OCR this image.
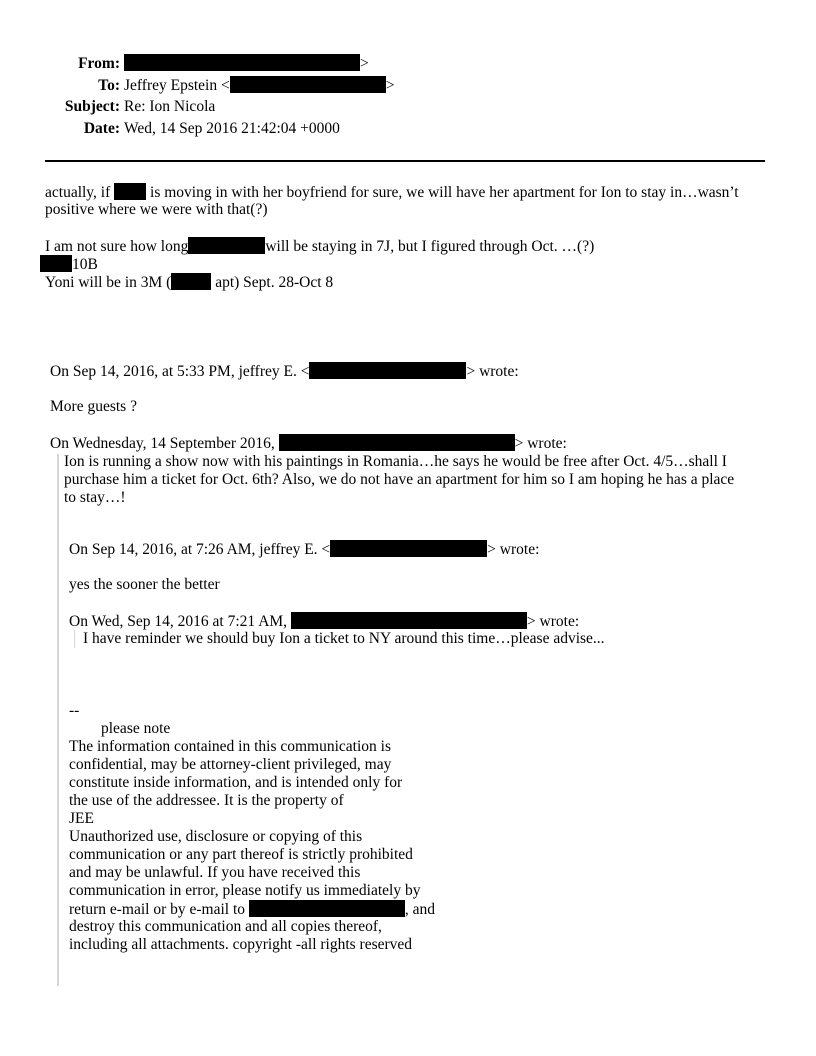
From:	>
To: Jeffrey Epstein <	>
Subject: Re: Ion Nicola
Date: Wed, 14 Sep 2016 21:42:04 +0000
actually, if  is moving in with her boyfriend for sure, we will have her apartment for Ion to stay in…wasn’t
positive where we were with that(?)
I am not sure how long	will be staying in 7J, but I figured through Oct. …(?)
10B
Yoni will be in 3M (	apt) Sept. 28-Oct 8
On Sep 14, 2016, at 5:33 PM, jeffrey E. <	> wrote:
More guests ?
On Wednesday, 14 September 2016,	> wrote:
Ion is running a show now with his paintings in Romania…he says he would be free after Oct. 4/5…shall I
purchase him a ticket for Oct. 6th? Also, we do not have an apartment for him so I am hoping he has a place
to stay…!
On Sep 14, 2016, at 7:26 AM, jeffrey E. <	> wrote:
yes the sooner the better
On Wed, Sep 14, 2016 at 7:21 AM,	> wrote:
I have reminder we should buy Ion a ticket to NY around this time…please advise...
--
please note
The information contained in this communication is
confidential, may be attorney-client privileged, may
constitute inside information, and is intended only for
the use of the addressee. It is the property of
JEE
Unauthorized use, disclosure or copying of this
communication or any part thereof is strictly prohibited
and may be unlawful. If you have received this
communication in error, please notify us immediately by
return e-mail or by e-mail to	, and
destroy this communication and all copies thereof,
including all attachments. copyright -all rights reserved
